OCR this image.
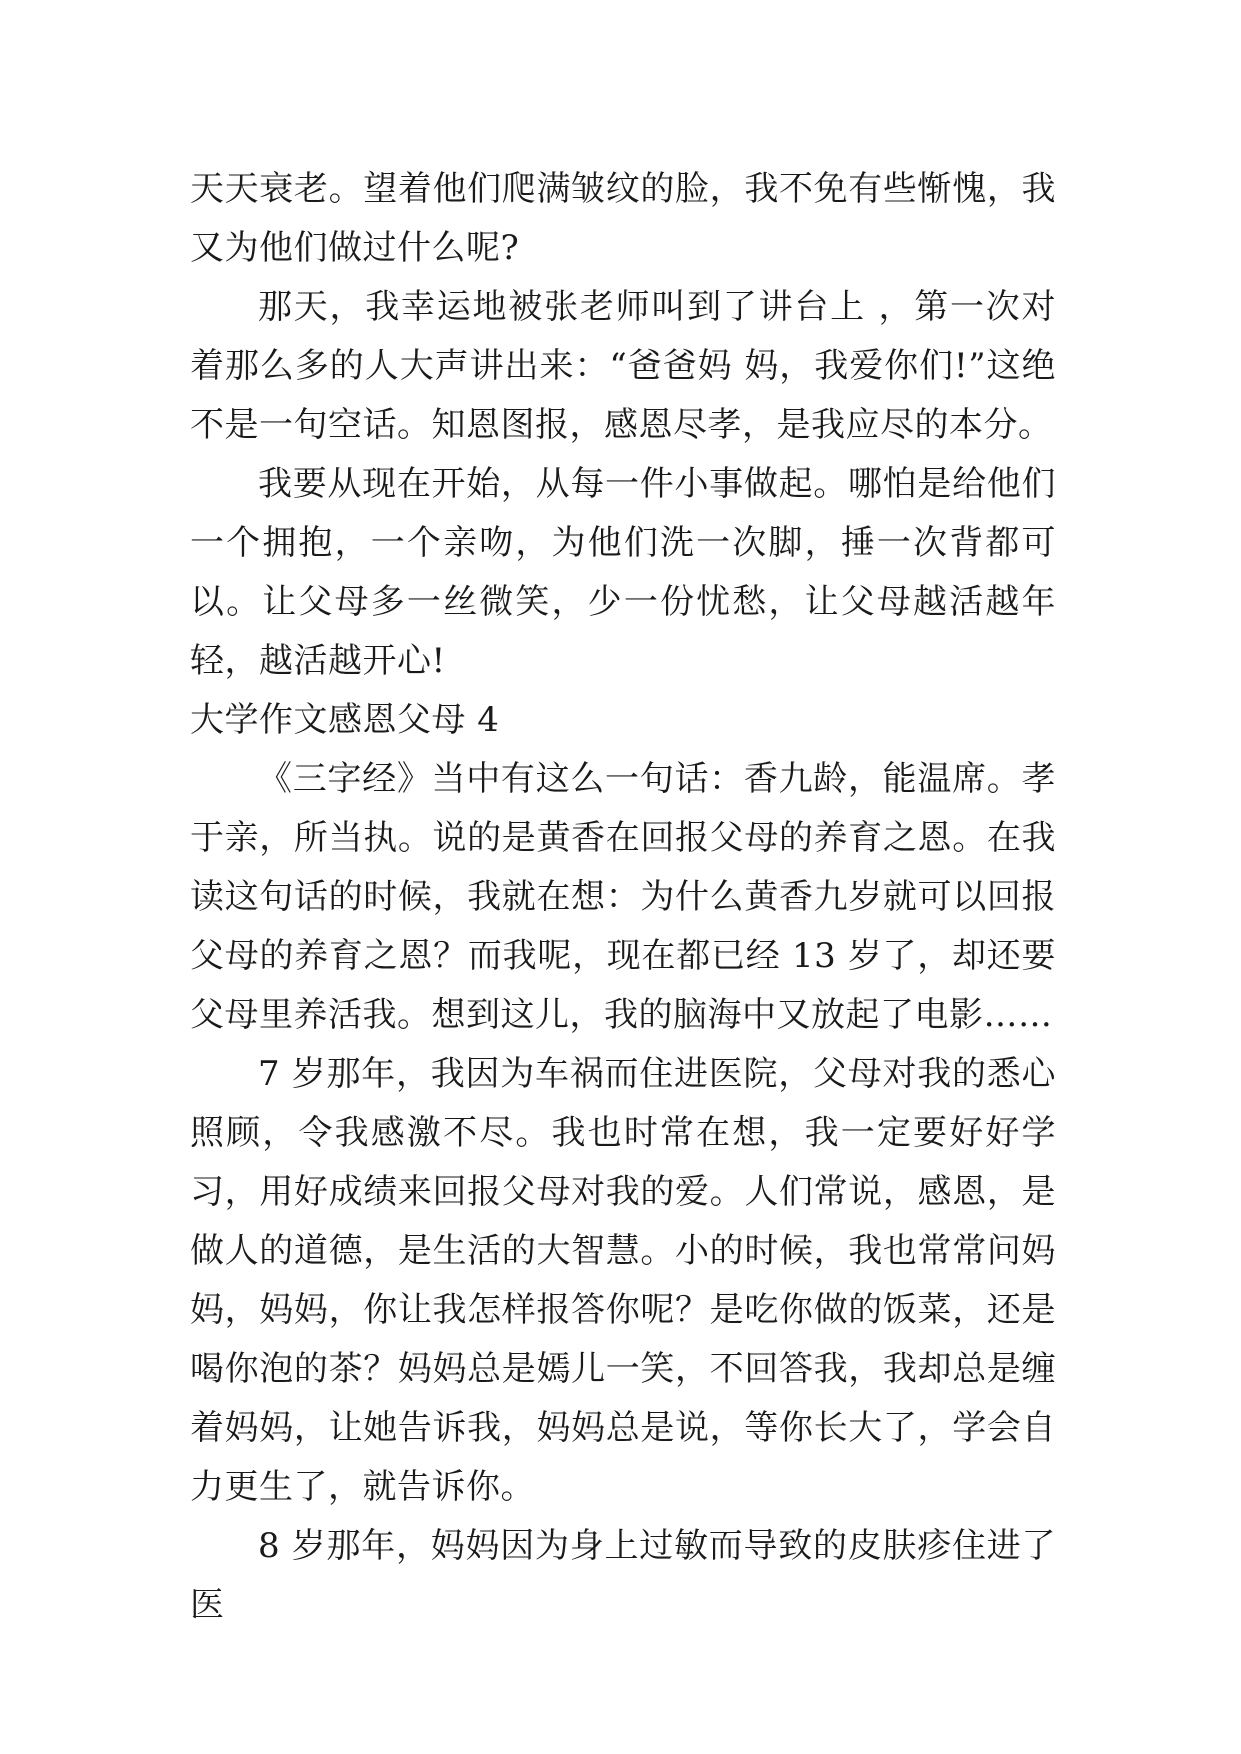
天天衰老。望着他们爬满皱纹的脸，我不免有些惭愧，我又为他们做过什么呢?

那天，我幸运地被张老师叫到了讲台上 ，第一次对着那么多的人大声讲出来：“爸爸妈 妈，我爱你们!”这绝不是一句空话。知恩图报，感恩尽孝，是我应尽的本分。

我要从现在开始，从每一件小事做起。哪怕是给他们一个拥抱，一个亲吻，为他们洗一次脚，捶一次背都可以。让父母多一丝微笑，少一份忧愁，让父母越活越年轻，越活越开心!

大学作文感恩父母 4

《三字经》当中有这么一句话：香九龄，能温席。孝于亲，所当执。说的是黄香在回报父母的养育之恩。在我读这句话的时候，我就在想：为什么黄香九岁就可以回报父母的养育之恩？而我呢，现在都已经 13 岁了，却还要父母里养活我。想到这儿，我的脑海中又放起了电影……

7 岁那年，我因为车祸而住进医院，父母对我的悉心照顾，令我感激不尽。我也时常在想，我一定要好好学习，用好成绩来回报父母对我的爱。人们常说，感恩，是做人的道德，是生活的大智慧。小的时候，我也常常问妈妈，妈妈，你让我怎样报答你呢？是吃你做的饭菜，还是喝你泡的茶？妈妈总是嫣儿一笑，不回答我，我却总是缠着妈妈，让她告诉我，妈妈总是说，等你长大了，学会自力更生了，就告诉你。

8 岁那年，妈妈因为身上过敏而导致的皮肤疹住进了医
